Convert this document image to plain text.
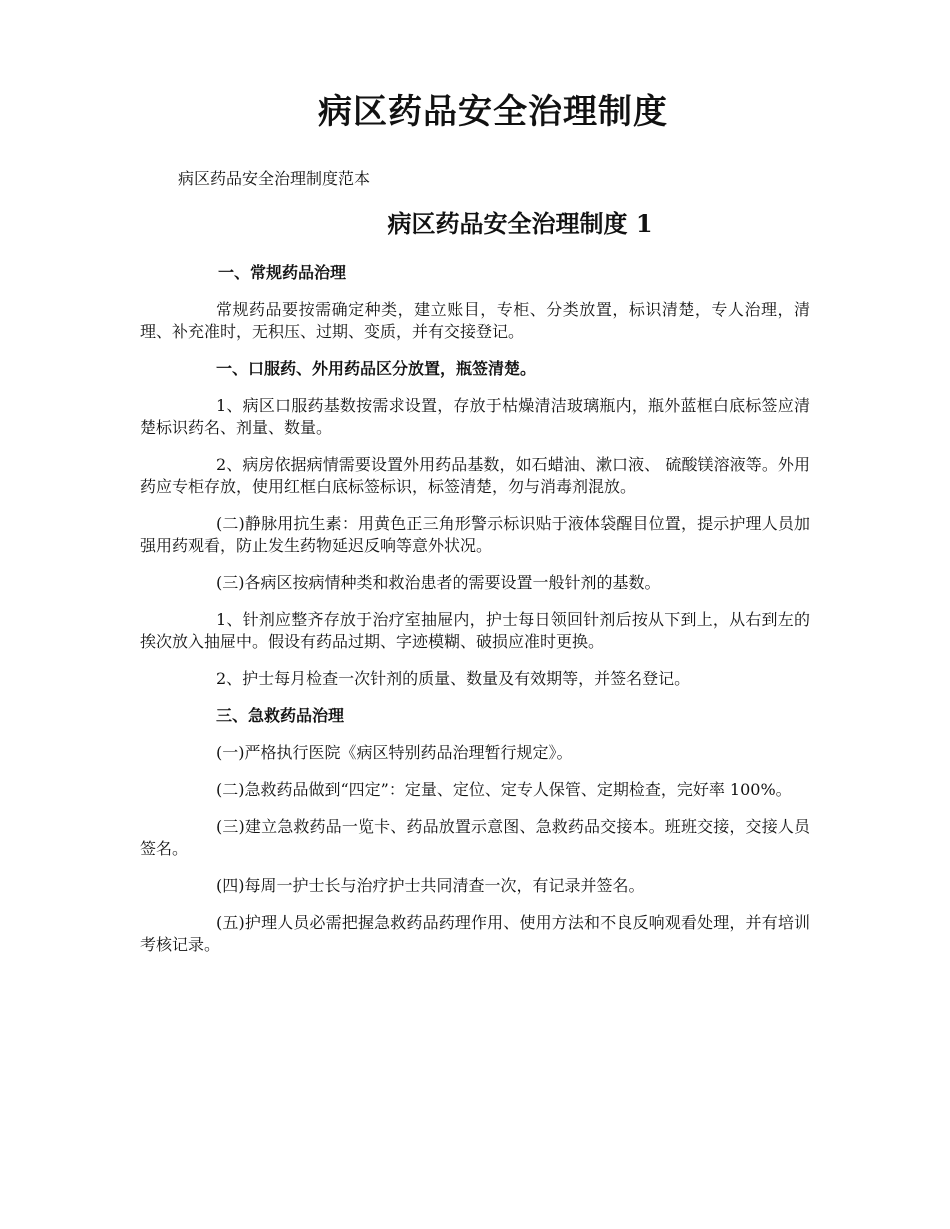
病区药品安全治理制度

病区药品安全治理制度范本

病区药品安全治理制度 1

一、常规药品治理

常规药品要按需确定种类，建立账目，专柜、分类放置，标识清楚，专人治理，清理、补充准时，无积压、过期、变质，并有交接登记。

一、口服药、外用药品区分放置，瓶签清楚。

1、病区口服药基数按需求设置，存放于枯燥清洁玻璃瓶内，瓶外蓝框白底标签应清楚标识药名、剂量、数量。

2、病房依据病情需要设置外用药品基数，如石蜡油、漱口液、 硫酸镁溶液等。外用药应专柜存放，使用红框白底标签标识，标签清楚，勿与消毒剂混放。

(二)静脉用抗生素：用黄色正三角形警示标识贴于液体袋醒目位置，提示护理人员加强用药观看，防止发生药物延迟反响等意外状况。

(三)各病区按病情种类和救治患者的需要设置一般针剂的基数。

1、针剂应整齐存放于治疗室抽屉内，护士每日领回针剂后按从下到上，从右到左的挨次放入抽屉中。假设有药品过期、字迹模糊、破损应准时更换。

2、护士每月检查一次针剂的质量、数量及有效期等，并签名登记。

三、急救药品治理

(一)严格执行医院《病区特别药品治理暂行规定》。

(二)急救药品做到“四定”：定量、定位、定专人保管、定期检查，完好率 100%。

(三)建立急救药品一览卡、药品放置示意图、急救药品交接本。班班交接，交接人员签名。

(四)每周一护士长与治疗护士共同清查一次，有记录并签名。

(五)护理人员必需把握急救药品药理作用、使用方法和不良反响观看处理，并有培训考核记录。
